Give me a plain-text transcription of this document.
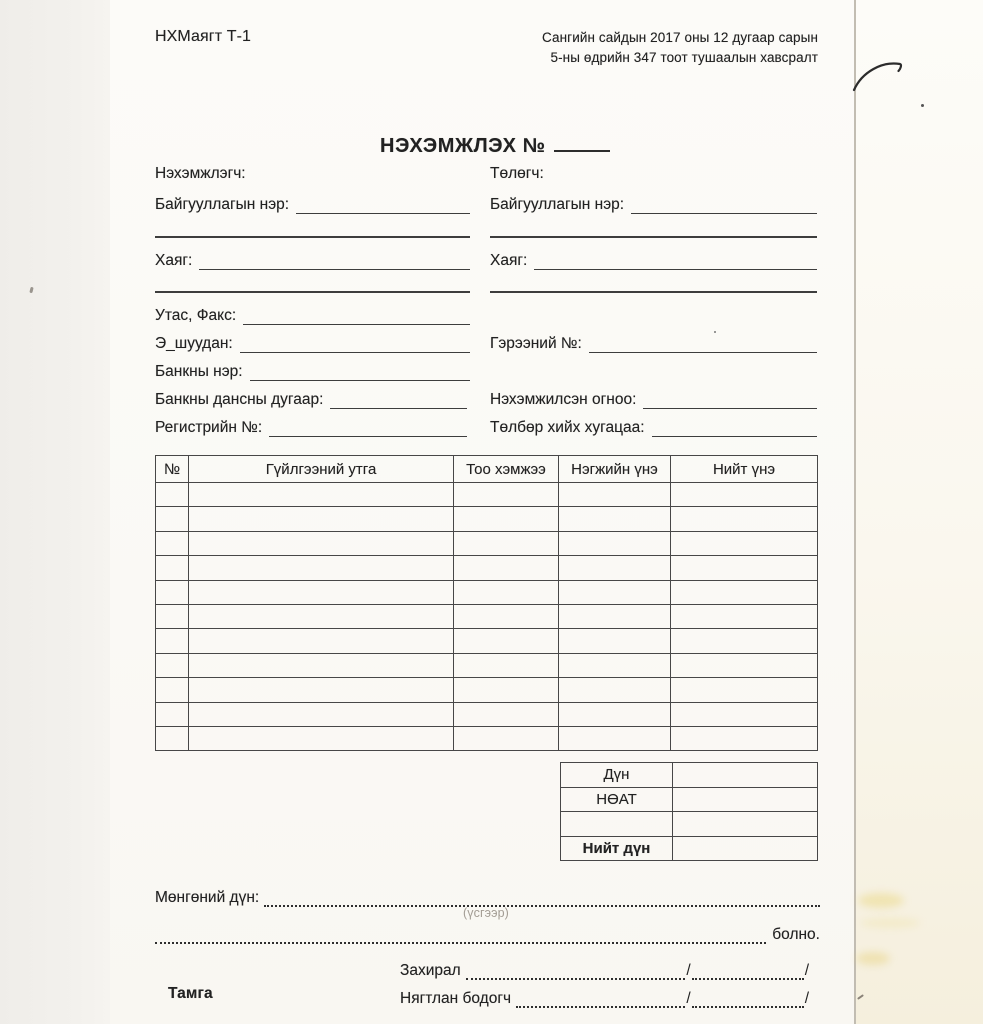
НХМаягт Т-1	Сангийн сайдын 2017 оны 12 дугаар сарын
5-ны өдрийн 347 тоот тушаалын хавсралт

НЭХЭМЖЛЭХ №

Нэхэмжлэгч:
Байгууллагын нэр:
Хаяг:
Утас, Факс:
Э_шуудан:
Банкны нэр:
Банкны дансны дугаар:
Регистрийн №:
Төлөгч:
Байгууллагын нэр:
Хаяг:
Гэрээний №:
Нэхэмжилсэн огноо:
Төлбөр хийх хугацаа:
№	Гүйлгээний утга	Тоо хэмжээ	Нэгжийн үнэ	Нийт үнэ

Дүн	
НӨАТ	

Нийт дүн	
Мөнгөний дүн:
(үсгээр)
болно.
Захирал	/	/
Тамга	Нягтлан бодогч	/	/
